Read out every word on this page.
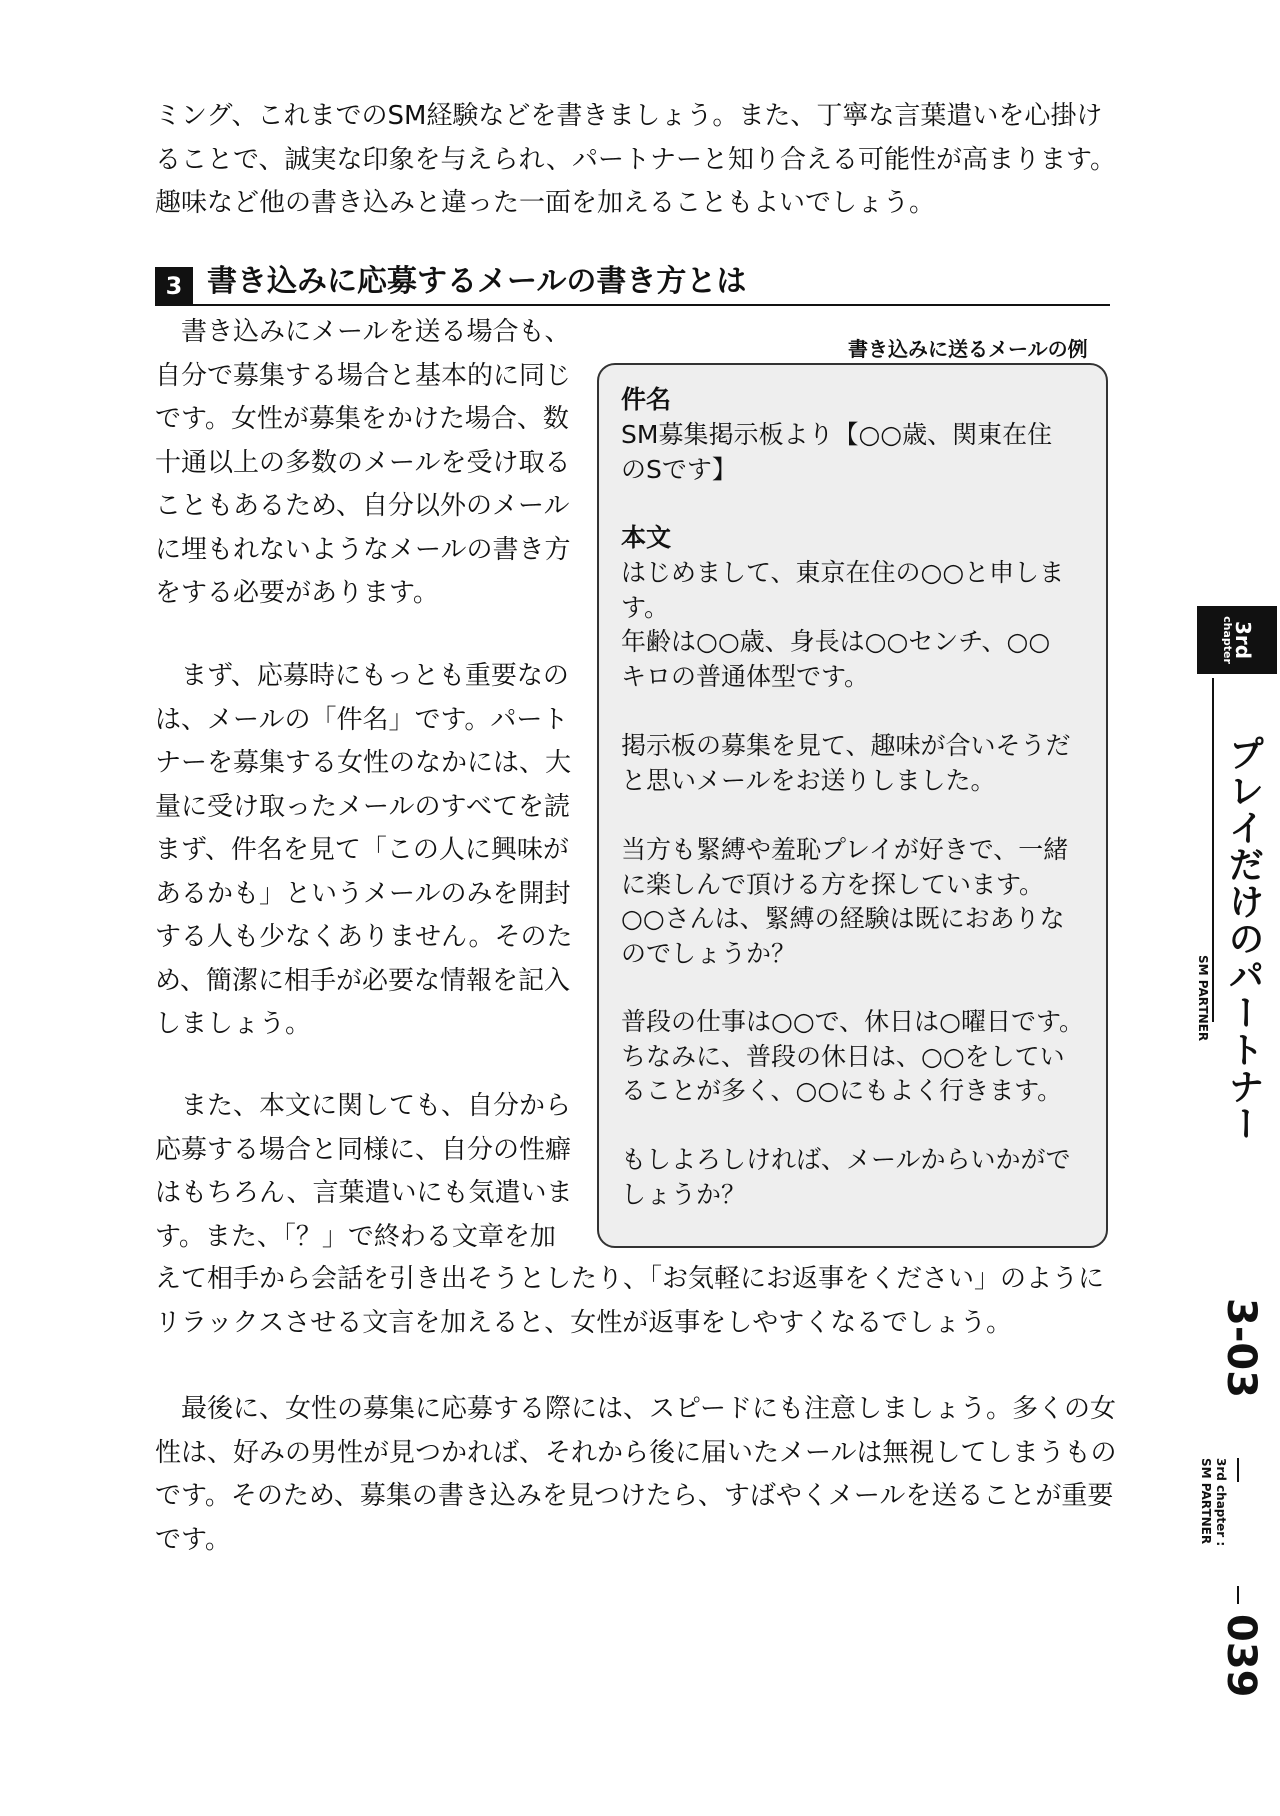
ミング、これまでのSM経験などを書きましょう。また、丁寧な言葉遣いを心掛け
ることで、誠実な印象を与えられ、パートナーと知り合える可能性が高まります。
趣味など他の書き込みと違った一面を加えることもよいでしょう。
3 書き込みに応募するメールの書き方とは
　書き込みにメールを送る場合も、
自分で募集する場合と基本的に同じ
です。女性が募集をかけた場合、数
十通以上の多数のメールを受け取る
こともあるため、自分以外のメール
に埋もれないようなメールの書き方
をする必要があります。
　まず、応募時にもっとも重要なの
は、メールの「件名」です。パート
ナーを募集する女性のなかには、大
量に受け取ったメールのすべてを読
まず、件名を見て「この人に興味が
あるかも」というメールのみを開封
する人も少なくありません。そのた
め、簡潔に相手が必要な情報を記入
しましょう。
　また、本文に関しても、自分から
応募する場合と同様に、自分の性癖
はもちろん、言葉遣いにも気遣いま
す。また、「？」で終わる文章を加
えて相手から会話を引き出そうとしたり、「お気軽にお返事をください」のように
リラックスさせる文言を加えると、女性が返事をしやすくなるでしょう。
　最後に、女性の募集に応募する際には、スピードにも注意しましょう。多くの女
性は、好みの男性が見つかれば、それから後に届いたメールは無視してしまうもの
です。そのため、募集の書き込みを見つけたら、すばやくメールを送ることが重要
です。
書き込みに送るメールの例
件名
SM募集掲示板より【○○歳、関東在住
のSです】
本文
はじめまして、東京在住の○○と申しま
す。
年齢は○○歳、身長は○○センチ、○○
キロの普通体型です。
掲示板の募集を見て、趣味が合いそうだ
と思いメールをお送りしました。
当方も緊縛や羞恥プレイが好きで、一緒
に楽しんで頂ける方を探しています。
○○さんは、緊縛の経験は既におありな
のでしょうか？
普段の仕事は○○で、休日は○曜日です。
ちなみに、普段の休日は、○○をしてい
ることが多く、○○にもよく行きます。
もしよろしければ、メールからいかがで
しょうか？
3rd
chapter
プレイだけのパートナー
SM PARTNER
3-03
3rd chapter :
SM PARTNER
039
